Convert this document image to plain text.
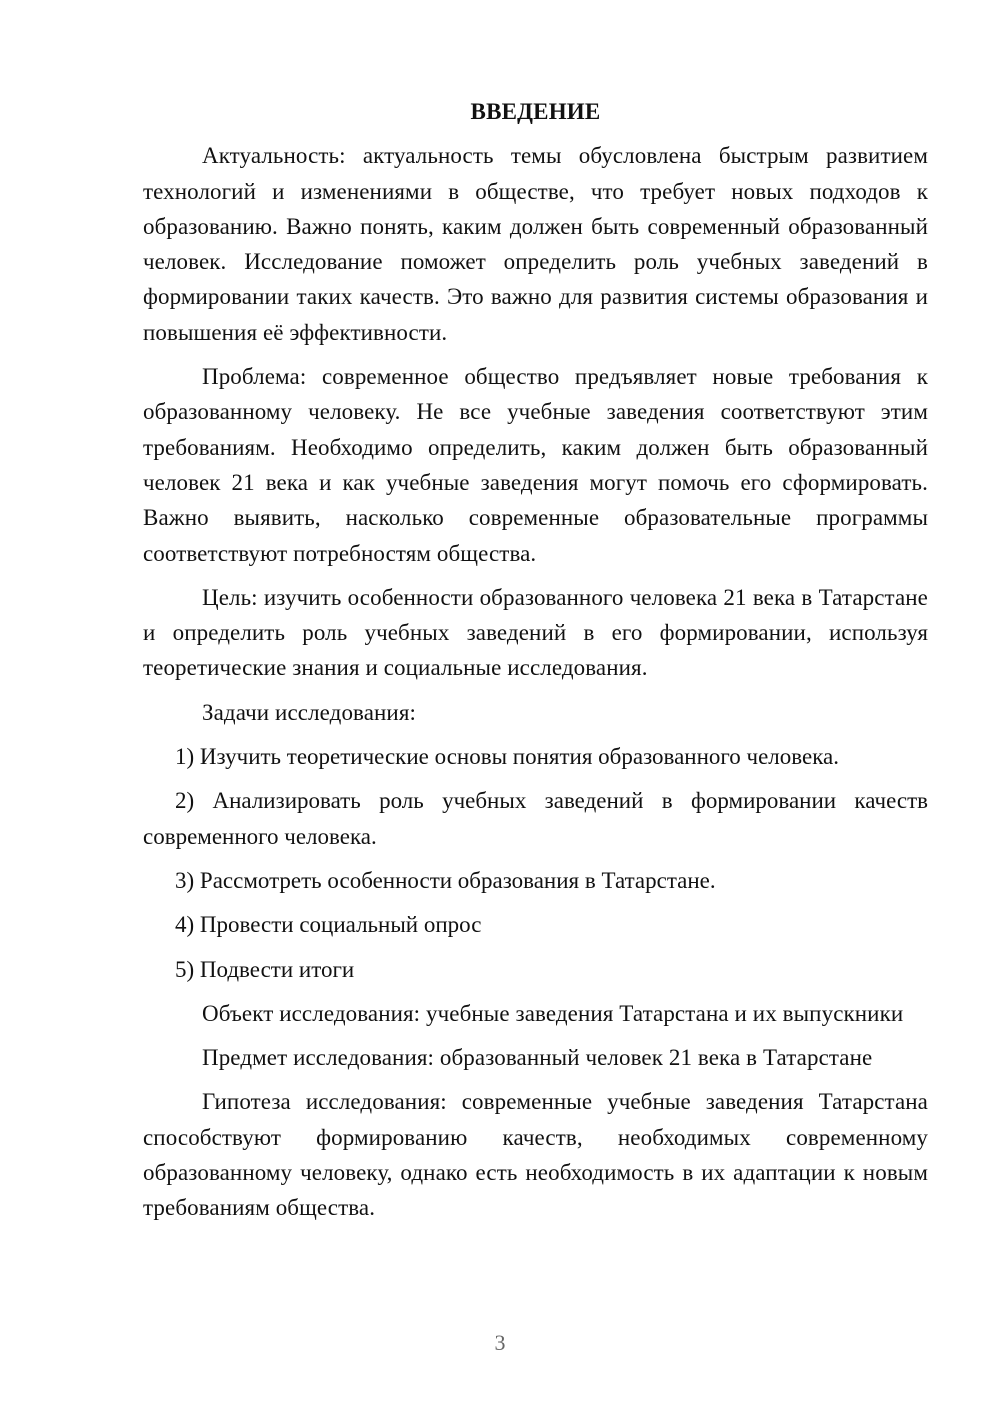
ВВЕДЕНИЕ

Актуальность: актуальность темы обусловлена быстрым развитием технологий и изменениями в обществе, что требует новых подходов к образованию. Важно понять, каким должен быть современный образованный человек. Исследование поможет определить роль учебных заведений в формировании таких качеств. Это важно для развития системы образования и повышения её эффективности.

Проблема: современное общество предъявляет новые требования к образованному человеку. Не все учебные заведения соответствуют этим требованиям. Необходимо определить, каким должен быть образованный человек 21 века и как учебные заведения могут помочь его сформировать. Важно выявить, насколько современные образовательные программы соответствуют потребностям общества.

Цель: изучить особенности образованного человека 21 века в Татарстане и определить роль учебных заведений в его формировании, используя теоретические знания и социальные исследования.

Задачи исследования:

1) Изучить теоретические основы понятия образованного человека.

2) Анализировать роль учебных заведений в формировании качеств современного человека.

3) Рассмотреть особенности образования в Татарстане.

4) Провести социальный опрос

5) Подвести итоги

Объект исследования: учебные заведения Татарстана и их выпускники

Предмет исследования: образованный человек 21 века в Татарстане

Гипотеза исследования: современные учебные заведения Татарстана способствуют формированию качеств, необходимых современному образованному человеку, однако есть необходимость в их адаптации к новым требованиям общества.

3
